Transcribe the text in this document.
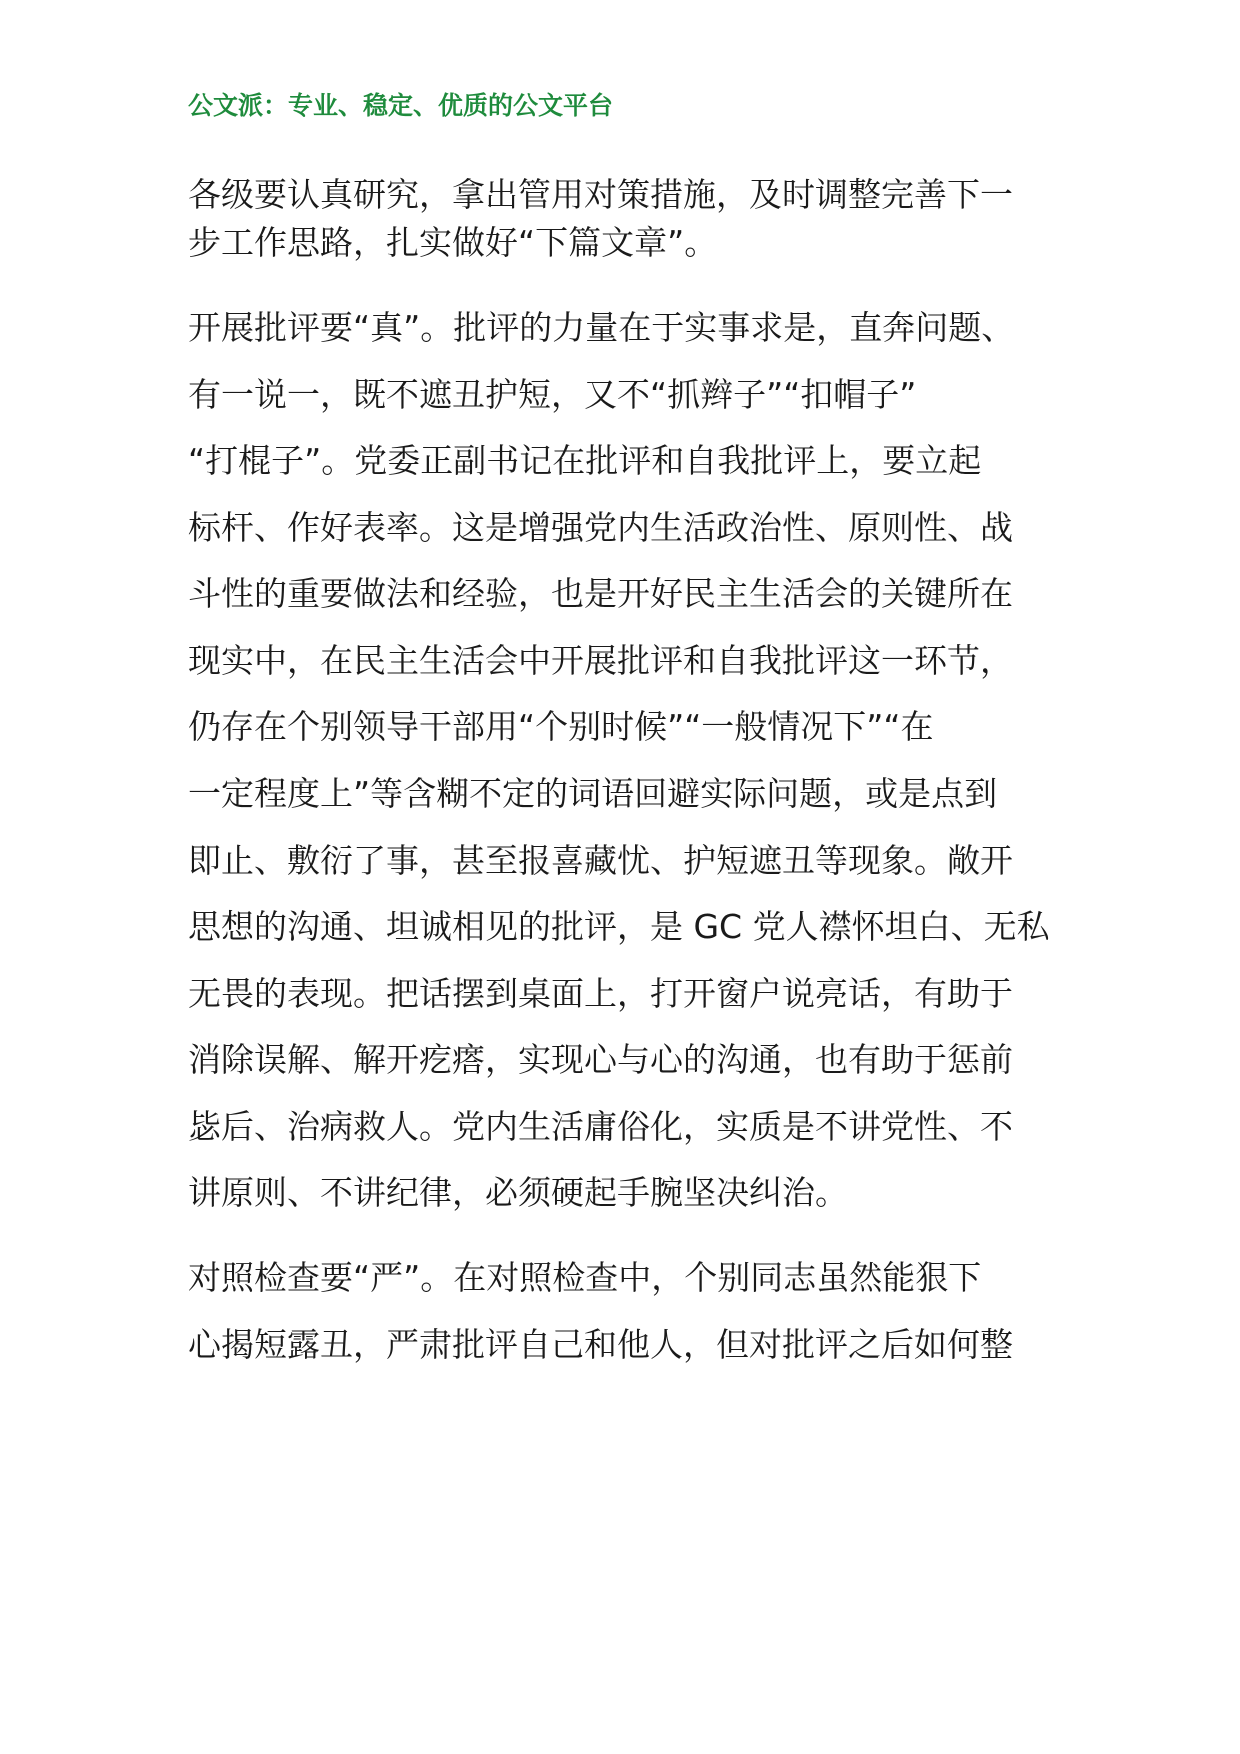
公文派：专业、稳定、优质的公文平台
各级要认真研究，拿出管用对策措施，及时调整完善下一
步工作思路，扎实做好“下篇文章”。
开展批评要“真”。批评的力量在于实事求是，直奔问题、
有一说一，既不遮丑护短，又不“抓辫子”“扣帽子”
“打棍子”。党委正副书记在批评和自我批评上，要立起
标杆、作好表率。这是增强党内生活政治性、原则性、战
斗性的重要做法和经验，也是开好民主生活会的关键所在
现实中，在民主生活会中开展批评和自我批评这一环节，
仍存在个别领导干部用“个别时候”“一般情况下”“在
一定程度上”等含糊不定的词语回避实际问题，或是点到
即止、敷衍了事，甚至报喜藏忧、护短遮丑等现象。敞开
思想的沟通、坦诚相见的批评，是 GC 党人襟怀坦白、无私
无畏的表现。把话摆到桌面上，打开窗户说亮话，有助于
消除误解、解开疙瘩，实现心与心的沟通，也有助于惩前
毖后、治病救人。党内生活庸俗化，实质是不讲党性、不
讲原则、不讲纪律，必须硬起手腕坚决纠治。
对照检查要“严”。在对照检查中，个别同志虽然能狠下
心揭短露丑，严肃批评自己和他人，但对批评之后如何整
